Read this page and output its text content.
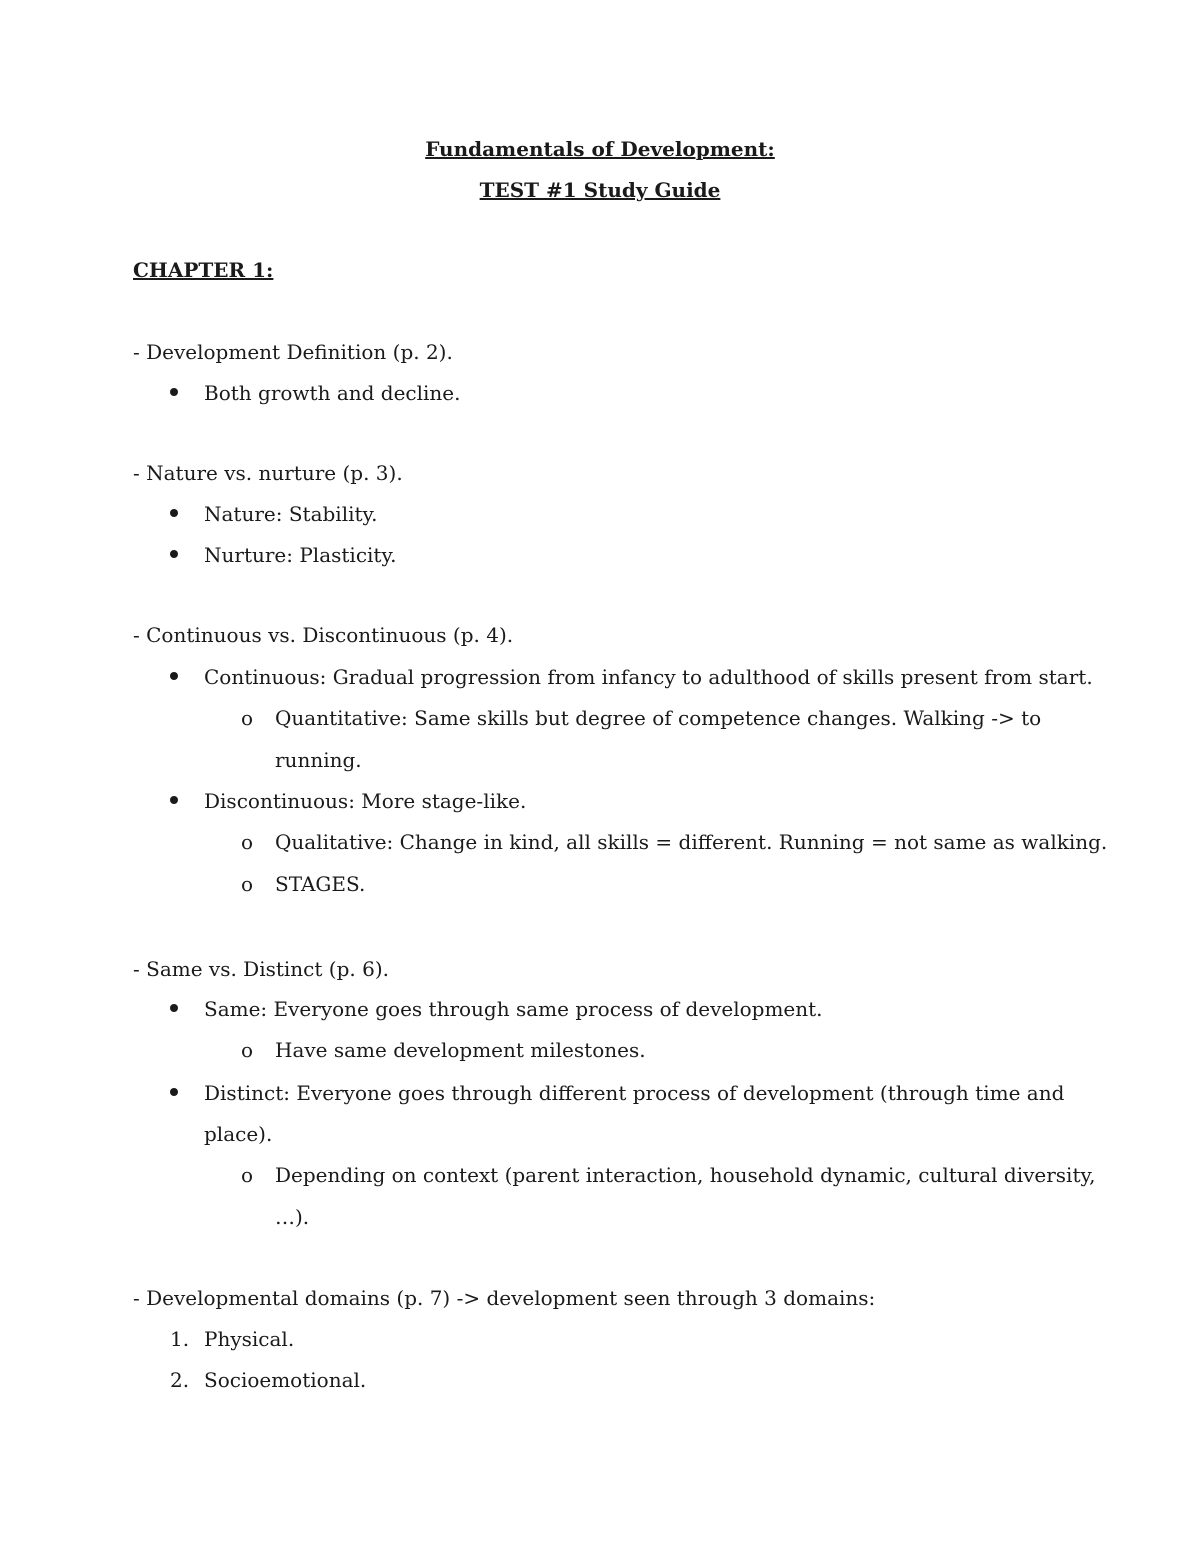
Fundamentals of Development:
TEST #1 Study Guide
CHAPTER 1:
- Development Definition (p. 2).
Both growth and decline.
- Nature vs. nurture (p. 3).
Nature: Stability.
Nurture: Plasticity.
- Continuous vs. Discontinuous (p. 4).
Continuous: Gradual progression from infancy to adulthood of skills present from start.
o Quantitative: Same skills but degree of competence changes. Walking -> to
running.
Discontinuous: More stage-like.
o Qualitative: Change in kind, all skills = different. Running = not same as walking.
o STAGES.
- Same vs. Distinct (p. 6).
Same: Everyone goes through same process of development.
o Have same development milestones.
Distinct: Everyone goes through different process of development (through time and
place).
o Depending on context (parent interaction, household dynamic, cultural diversity,
…).
- Developmental domains (p. 7) -> development seen through 3 domains:
1. Physical.
2. Socioemotional.
